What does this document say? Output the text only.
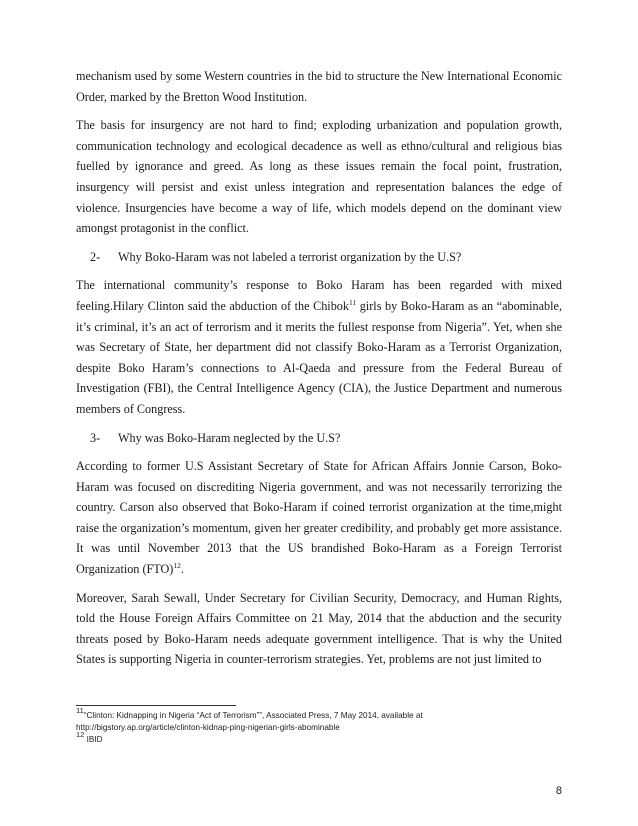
mechanism used by some Western countries in the bid to structure the New International Economic Order, marked by the Bretton Wood Institution.

The basis for insurgency are not hard to find; exploding urbanization and population growth, communication technology and ecological decadence as well as ethno/cultural and religious bias fuelled by ignorance and greed. As long as these issues remain the focal point, frustration, insurgency will persist and exist unless integration and representation balances the edge of violence. Insurgencies have become a way of life, which models depend on the dominant view amongst protagonist in the conflict.

2- Why Boko-Haram was not labeled a terrorist organization by the U.S?

The international community’s response to Boko Haram has been regarded with mixed feeling.Hilary Clinton said the abduction of the Chibok$^{11}$ girls by Boko-Haram as an “abominable, it’s criminal, it’s an act of terrorism and it merits the fullest response from Nigeria”. Yet, when she was Secretary of State, her department did not classify Boko-Haram as a Terrorist Organization, despite Boko Haram’s connections to Al-Qaeda and pressure from the Federal Bureau of Investigation (FBI), the Central Intelligence Agency (CIA), the Justice Department and numerous members of Congress.

3- Why was Boko-Haram neglected by the U.S?

According to former U.S Assistant Secretary of State for African Affairs Jonnie Carson, Boko-Haram was focused on discrediting Nigeria government, and was not necessarily terrorizing the country. Carson also observed that Boko-Haram if coined terrorist organization at the time,might raise the organization’s momentum, given her greater credibility, and probably get more assistance. It was until November 2013 that the US brandished Boko-Haram as a Foreign Terrorist Organization (FTO)$^{12}$.

Moreover, Sarah Sewall, Under Secretary for Civilian Security, Democracy, and Human Rights, told the House Foreign Affairs Committee on 21 May, 2014 that the abduction and the security threats posed by Boko-Haram needs adequate government intelligence. That is why the United States is supporting Nigeria in counter-terrorism strategies. Yet, problems are not just limited to

$^{11}$“Clinton: Kidnapping in Nigeria “Act of Terrorism””, Associated Press, 7 May 2014, available at

http://bigstory.ap.org/article/clinton-kidnap-ping-nigerian-girls-abominable

$^{12}$ IBID

8
